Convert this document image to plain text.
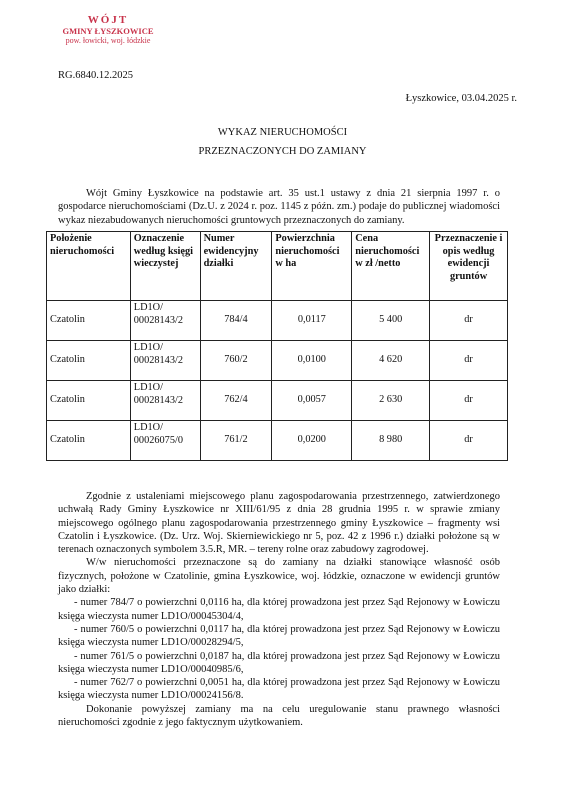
WÓJT
GMINY ŁYSZKOWICE
pow. łowicki, woj. łódzkie
RG.6840.12.2025
Łyszkowice, 03.04.2025 r.
WYKAZ NIERUCHOMOŚCI
PRZEZNACZONYCH DO ZAMIANY
Wójt Gminy Łyszkowice na podstawie art. 35 ust.1 ustawy z dnia 21 sierpnia 1997 r. o gospodarce nieruchomościami (Dz.U. z 2024 r. poz. 1145 z późn. zm.) podaje do publicznej wiadomości wykaz niezabudowanych nieruchomości gruntowych przeznaczonych do zamiany.
Położenie nieruchomości	Oznaczenie według księgi wieczystej	Numer ewidencyjny działki	Powierzchnia nieruchomości w ha	Cena nieruchomości w zł /netto	Przeznaczenie i opis według ewidencji gruntów
Czatolin	LD1O/ 00028143/2	784/4	0,0117	5 400	dr
Czatolin	LD1O/ 00028143/2	760/2	0,0100	4 620	dr
Czatolin	LD1O/ 00028143/2	762/4	0,0057	2 630	dr
Czatolin	LD1O/ 00026075/0	761/2	0,0200	8 980	dr

Zgodnie z ustaleniami miejscowego planu zagospodarowania przestrzennego, zatwierdzonego uchwałą Rady Gminy Łyszkowice nr XIII/61/95 z dnia 28 grudnia 1995 r. w sprawie zmiany miejscowego ogólnego planu zagospodarowania przestrzennego gminy Łyszkowice – fragmenty wsi Czatolin i Łyszkowice. (Dz. Urz. Woj. Skierniewickiego nr 5, poz. 42 z 1996 r.) działki położone są w terenach oznaczonych symbolem 3.5.R, MR. – tereny rolne oraz zabudowy zagrodowej.

W/w nieruchomości przeznaczone są do zamiany na działki stanowiące własność osób fizycznych, położone w Czatolinie, gmina Łyszkowice, woj. łódzkie, oznaczone w ewidencji gruntów jako działki:

- numer 784/7 o powierzchni 0,0116 ha, dla której prowadzona jest przez Sąd Rejonowy w Łowiczu księga wieczysta numer LD1O/00045304/4,

- numer 760/5 o powierzchni 0,0117 ha, dla której prowadzona jest przez Sąd Rejonowy w Łowiczu księga wieczysta numer LD1O/00028294/5,

- numer 761/5 o powierzchni 0,0187 ha, dla której prowadzona jest przez Sąd Rejonowy w Łowiczu księga wieczysta numer LD1O/00040985/6,

- numer 762/7 o powierzchni 0,0051 ha, dla której prowadzona jest przez Sąd Rejonowy w Łowiczu księga wieczysta numer LD1O/00024156/8.

Dokonanie powyższej zamiany ma na celu uregulowanie stanu prawnego własności nieruchomości zgodnie z jego faktycznym użytkowaniem.
